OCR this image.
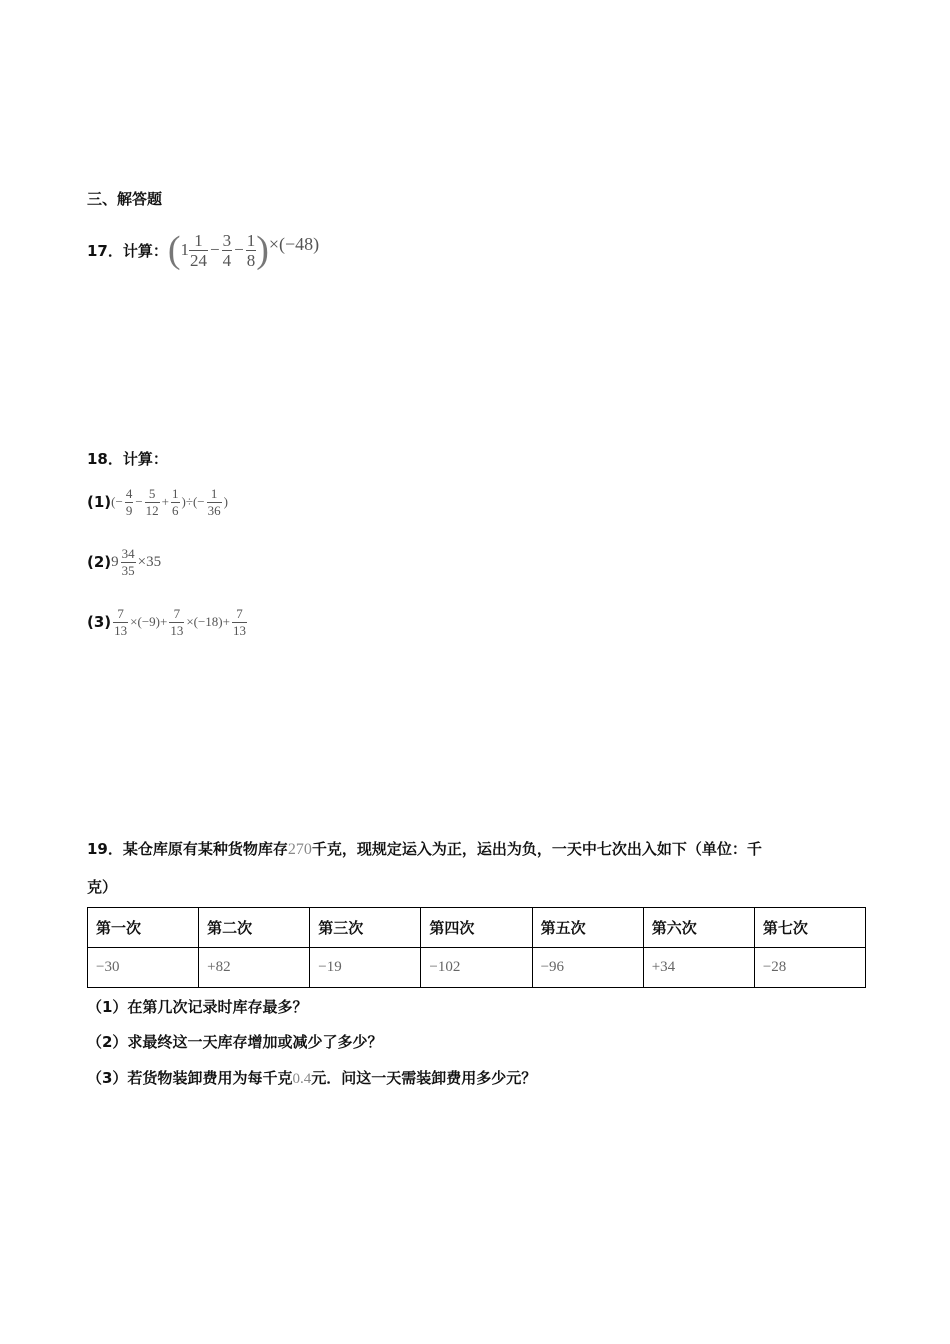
三、解答题
17．计算： ( $1 \frac{1}{24} - \frac{3}{4} - \frac{1}{8}$ ) ×(−48)
18．计算：
(1) (− $\frac{4}{9} - \frac{5}{12} + \frac{1}{6}$ )÷(− $\frac{1}{36}$ )
(2) $9 \frac{34}{35} \times 35$
$(3) \frac{7}{13} \times(-9)+ \frac{7}{13} \times(-18)+ \frac{7}{13}$
19．某仓库原有某种货物库存270千克，现规定运入为正，运出为负，一天中七次出入如下（单位：千
克）
第一次	第二次	第三次	第四次	第五次	第六次	第七次
−30	+82	−19	−102	−96	+34	−28
（1）在第几次记录时库存最多？
（2）求最终这一天库存增加或减少了多少？
（3）若货物装卸费用为每千克0.4元．问这一天需装卸费用多少元？
